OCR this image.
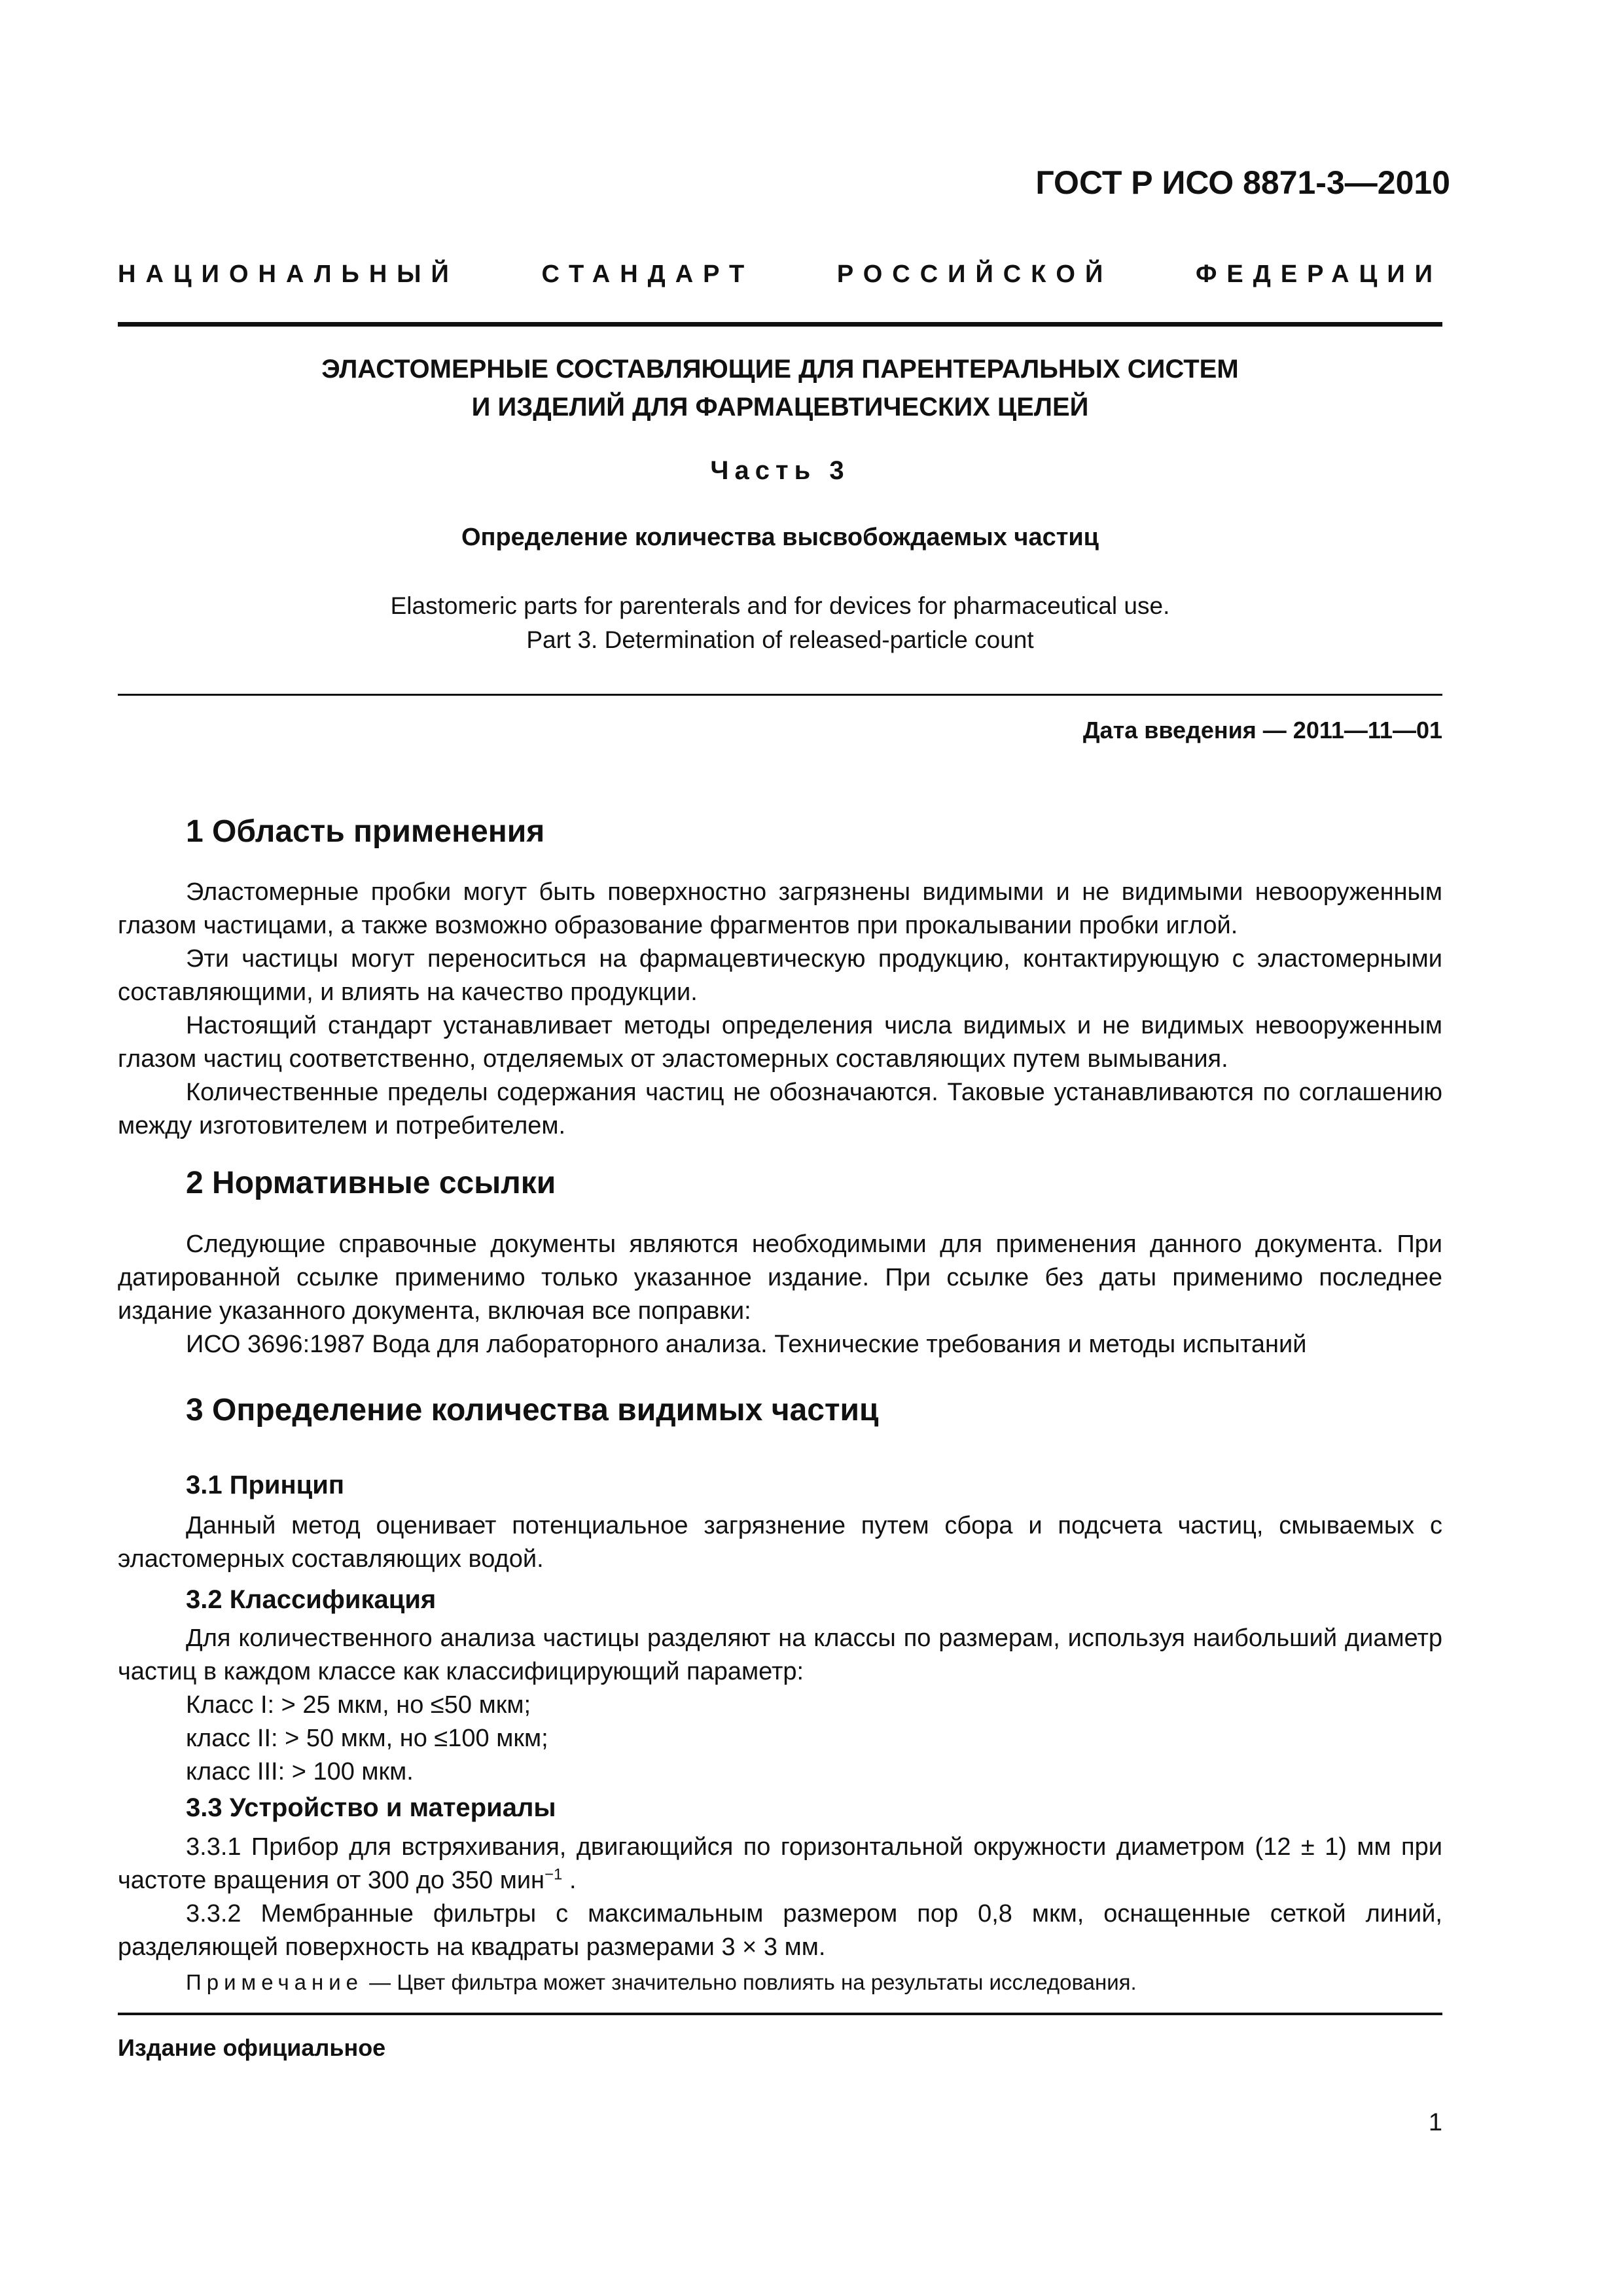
ГОСТ Р ИСО 8871-3—2010
НАЦИОНАЛЬНЫЙ СТАНДАРТ РОССИЙСКОЙ ФЕДЕРАЦИИ
ЭЛАСТОМЕРНЫЕ СОСТАВЛЯЮЩИЕ ДЛЯ ПАРЕНТЕРАЛЬНЫХ СИСТЕМ
И ИЗДЕЛИЙ ДЛЯ ФАРМАЦЕВТИЧЕСКИХ ЦЕЛЕЙ
Часть 3
Определение количества высвобождаемых частиц
Elastomeric parts for parenterals and for devices for pharmaceutical use.
Part 3. Determination of released-particle count
Дата введения — 2011—11—01
1 Область применения

Эластомерные пробки могут быть поверхностно загрязнены видимыми и не видимыми невооруженным глазом частицами, а также возможно образование фрагментов при прокалывании пробки иглой.

Эти частицы могут переноситься на фармацевтическую продукцию, контактирующую с эластомерными составляющими, и влиять на качество продукции.

Настоящий стандарт устанавливает методы определения числа видимых и не видимых невооруженным глазом частиц соответственно, отделяемых от эластомерных составляющих путем вымывания.

Количественные пределы содержания частиц не обозначаются. Таковые устанавливаются по соглашению между изготовителем и потребителем.

2 Нормативные ссылки

Следующие справочные документы являются необходимыми для применения данного документа. При датированной ссылке применимо только указанное издание. При ссылке без даты применимо последнее издание указанного документа, включая все поправки:

ИСО 3696:1987 Вода для лабораторного анализа. Технические требования и методы испытаний

3 Определение количества видимых частиц
3.1 Принцип

Данный метод оценивает потенциальное загрязнение путем сбора и подсчета частиц, смываемых с эластомерных составляющих водой.

3.2 Классификация

Для количественного анализа частицы разделяют на классы по размерам, используя наибольший диаметр частиц в каждом классе как классифицирующий параметр:

Класс I: > 25 мкм, но ≤50 мкм;

класс II: > 50 мкм, но ≤100 мкм;

класс III: > 100 мкм.

3.3 Устройство и материалы

3.3.1 Прибор для встряхивания, двигающийся по горизонтальной окружности диаметром (12 ± 1) мм при частоте вращения от 300 до 350 мин$^{-1}$ .

3.3.2 Мембранные фильтры с максимальным размером пор 0,8 мкм, оснащенные сеткой линий, разделяющей поверхность на квадраты размерами 3 × 3 мм.

Примечание — Цвет фильтра может значительно повлиять на результаты исследования.
Издание официальное
1
